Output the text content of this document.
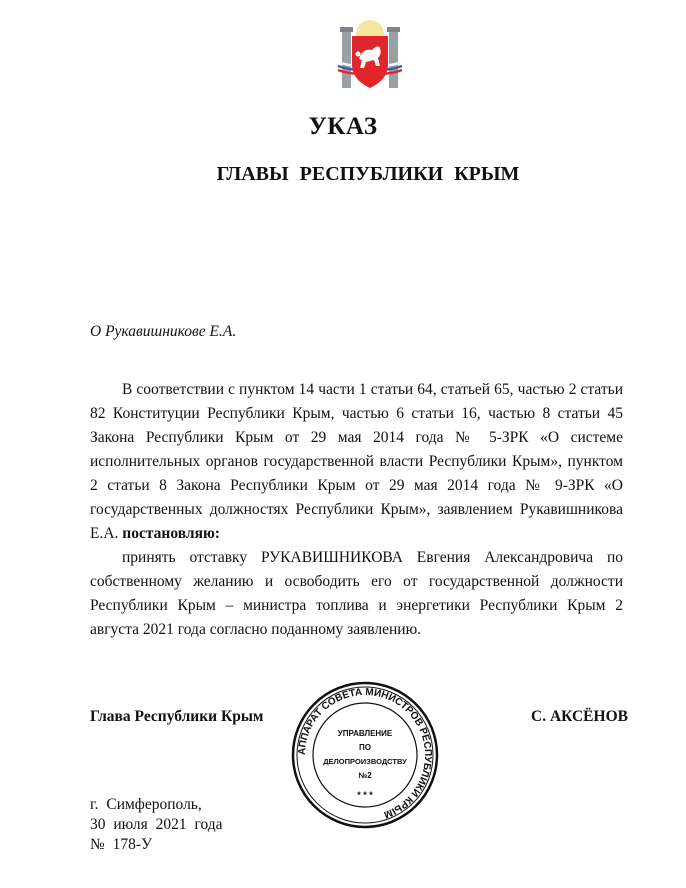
УКАЗ
ГЛАВЫ РЕСПУБЛИКИ КРЫМ
О Рукавишникове Е.А.
В соответствии с пунктом 14 части 1 статьи 64, статьей 65, частью 2 статьи 82 Конституции Республики Крым, частью 6 статьи 16, частью 8 статьи 45 Закона Республики Крым от 29 мая 2014 года № 5-ЗРК «О системе исполнительных органов государственной власти Республики Крым», пунктом 2 статьи 8 Закона Республики Крым от 29 мая 2014 года № 9-ЗРК «О государственных должностях Республики Крым», заявлением Рукавишникова Е.А. постановляю:
принять отставку РУКАВИШНИКОВА Евгения Александровича по собственному желанию и освободить его от государственной должности Республики Крым – министра топлива и энергетики Республики Крым 2 августа 2021 года согласно поданному заявлению.
Глава Республики Крым	С. АКСЁНОВ
АППАРАТ СОВЕТА МИНИСТРОВ РЕСПУБЛИКИ КРЫМ
УПРАВЛЕНИЕ
ПО
ДЕЛОПРОИЗВОДСТВУ
№2
* * *
г. Симферополь,
30 июля 2021 года
№ 178-У
